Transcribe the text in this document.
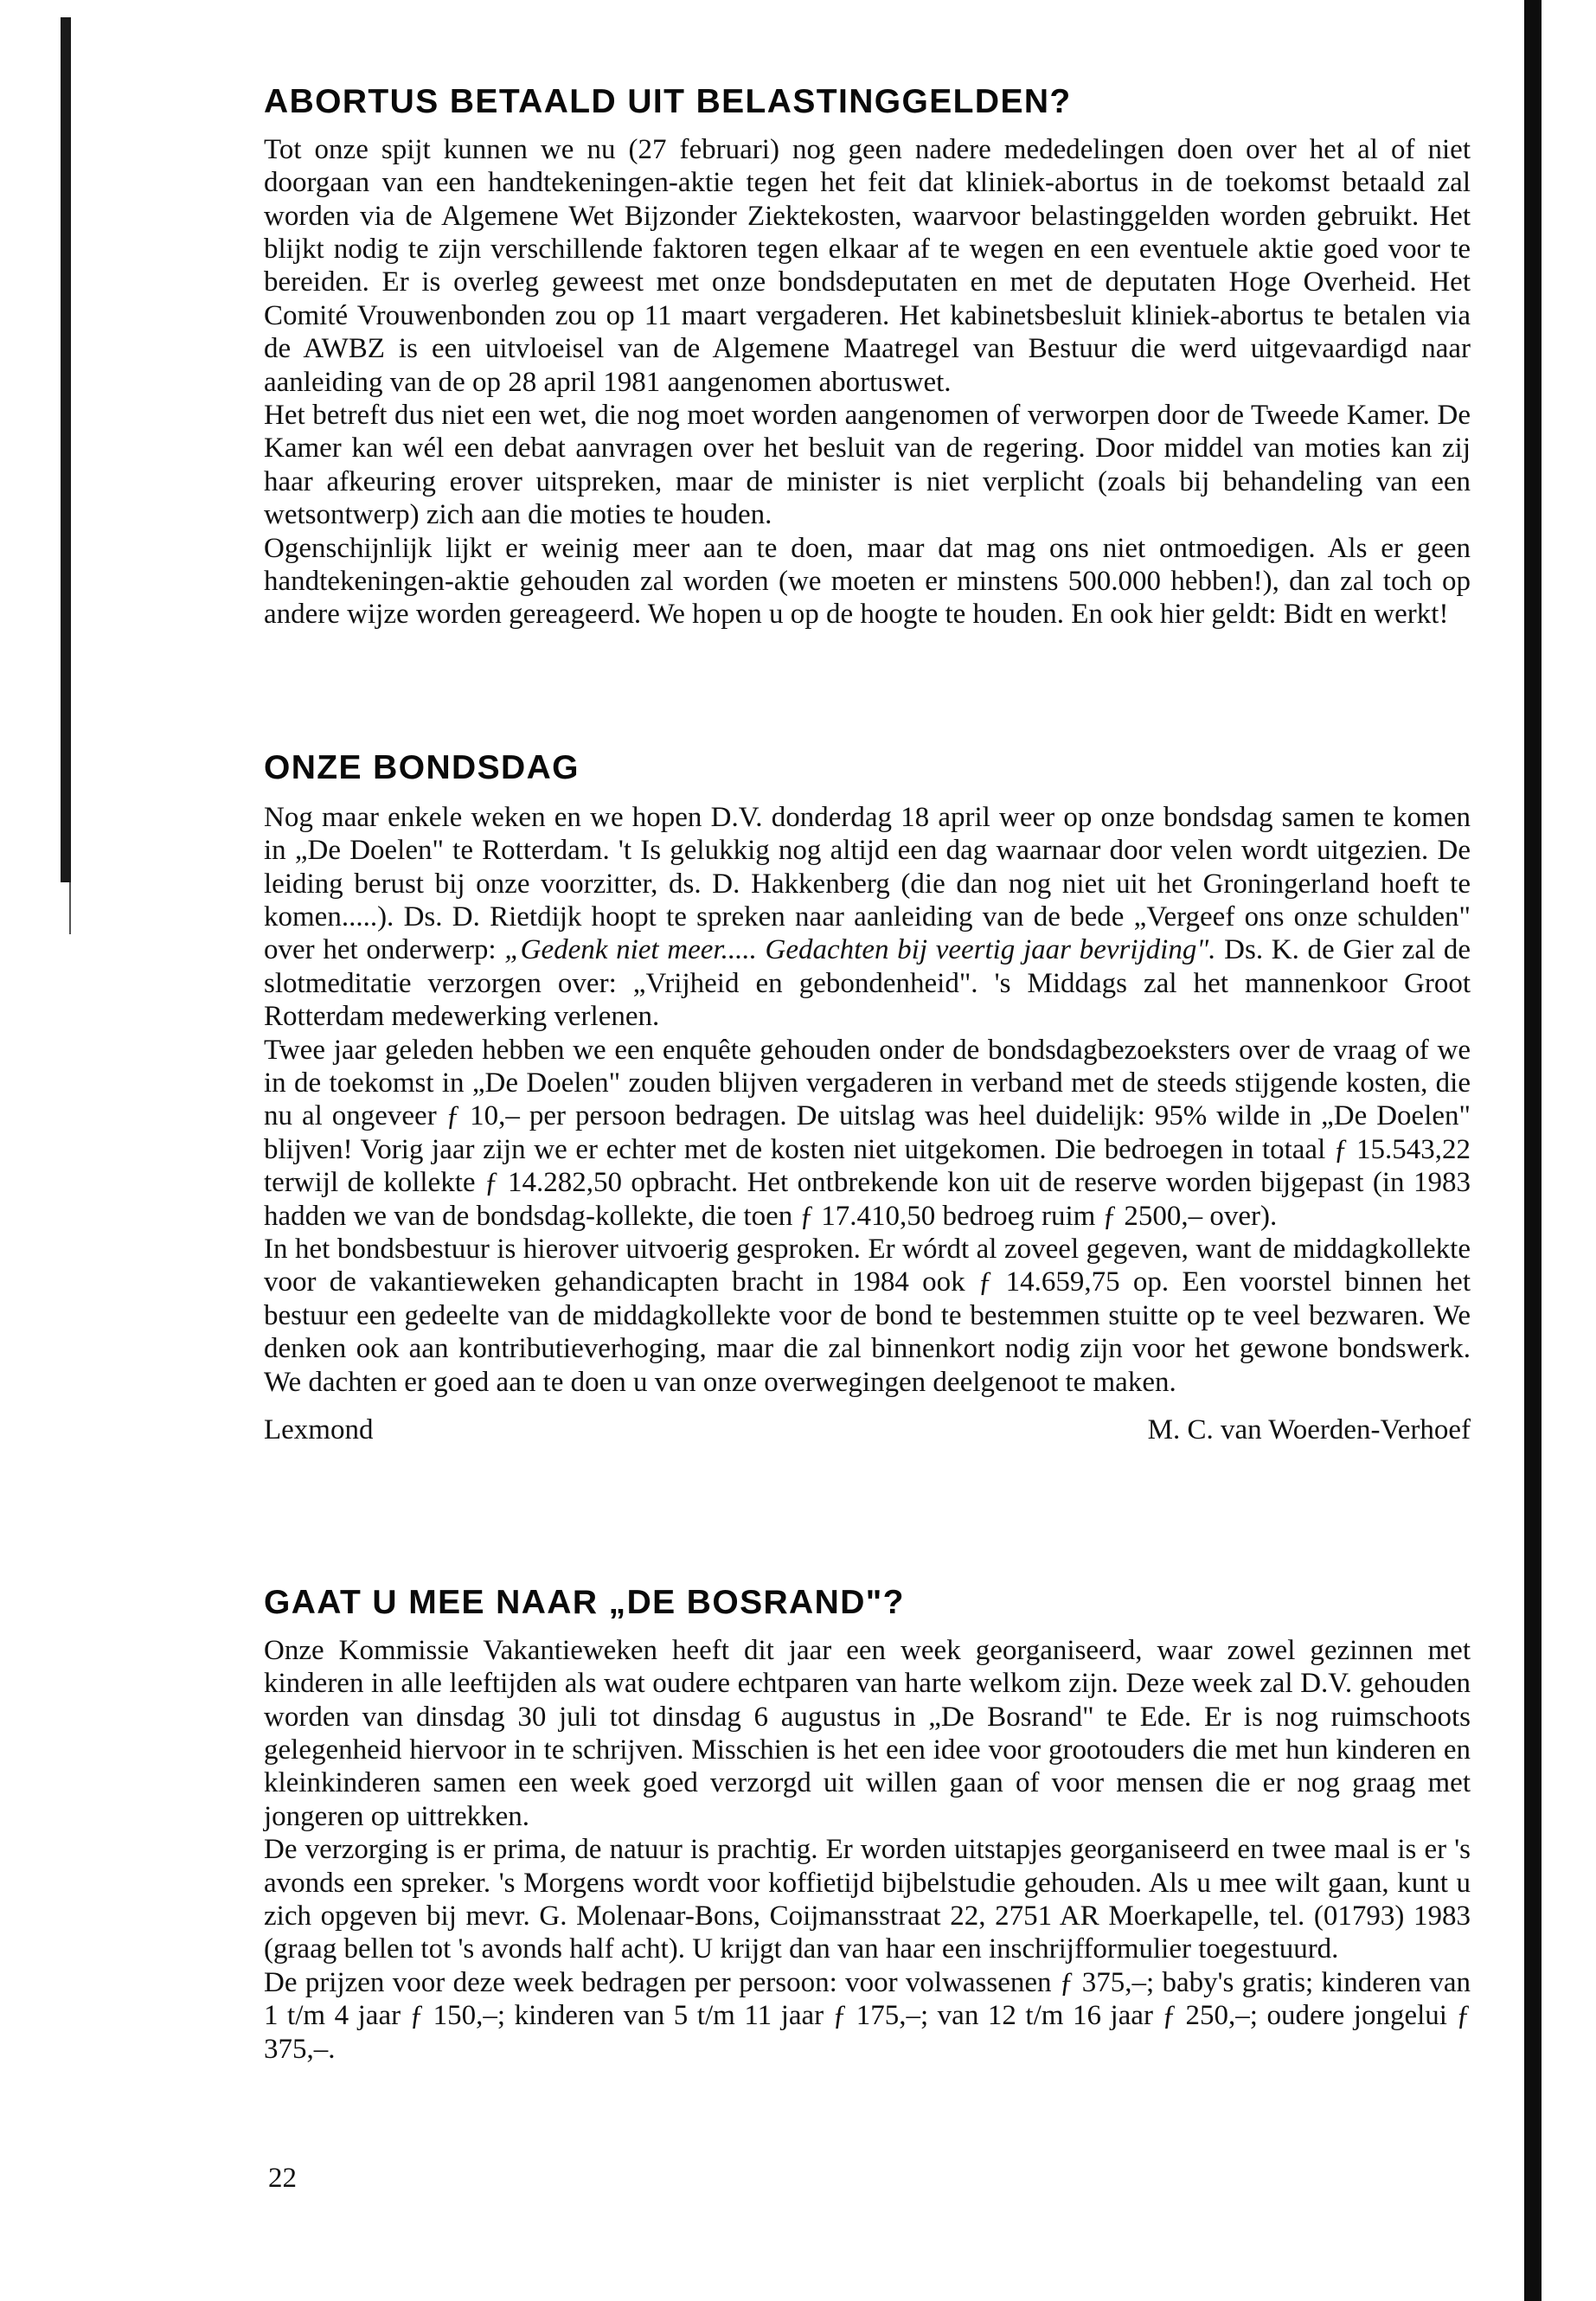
ABORTUS BETAALD UIT BELASTINGGELDEN?

Tot onze spijt kunnen we nu (27 februari) nog geen nadere mededelingen doen over het al of niet doorgaan van een handtekeningen-aktie tegen het feit dat kliniek-abortus in de toekomst betaald zal worden via de Algemene Wet Bijzonder Ziektekosten, waarvoor belastinggelden worden gebruikt. Het blijkt nodig te zijn verschillende faktoren tegen elkaar af te wegen en een eventuele aktie goed voor te bereiden. Er is overleg geweest met onze bondsdeputaten en met de deputaten Hoge Overheid. Het Comité Vrouwenbonden zou op 11 maart vergaderen. Het kabinetsbesluit kliniek-abortus te betalen via de AWBZ is een uitvloeisel van de Algemene Maatregel van Bestuur die werd uitgevaardigd naar aanleiding van de op 28 april 1981 aangenomen abortuswet.

Het betreft dus niet een wet, die nog moet worden aangenomen of verworpen door de Tweede Kamer. De Kamer kan wél een debat aanvragen over het besluit van de regering. Door middel van moties kan zij haar afkeuring erover uitspreken, maar de minister is niet verplicht (zoals bij behandeling van een wetsontwerp) zich aan die moties te houden.

Ogenschijnlijk lijkt er weinig meer aan te doen, maar dat mag ons niet ontmoedigen. Als er geen handtekeningen-aktie gehouden zal worden (we moeten er minstens 500.000 hebben!), dan zal toch op andere wijze worden gereageerd. We hopen u op de hoogte te houden. En ook hier geldt: Bidt en werkt!

ONZE BONDSDAG

Nog maar enkele weken en we hopen D.V. donderdag 18 april weer op onze bondsdag samen te komen in „De Doelen" te Rotterdam. 't Is gelukkig nog altijd een dag waarnaar door velen wordt uitgezien. De leiding berust bij onze voorzitter, ds. D. Hakkenberg (die dan nog niet uit het Groningerland hoeft te komen.....). Ds. D. Rietdijk hoopt te spreken naar aanleiding van de bede „Vergeef ons onze schulden" over het onderwerp: „Gedenk niet meer..... Gedachten bij veertig jaar bevrijding". Ds. K. de Gier zal de slotmeditatie verzorgen over: „Vrijheid en gebondenheid". 's Middags zal het mannenkoor Groot Rotterdam medewerking verlenen.

Twee jaar geleden hebben we een enquête gehouden onder de bondsdagbezoeksters over de vraag of we in de toekomst in „De Doelen" zouden blijven vergaderen in verband met de steeds stijgende kosten, die nu al ongeveer ƒ 10,– per persoon bedragen. De uitslag was heel duidelijk: 95% wilde in „De Doelen" blijven! Vorig jaar zijn we er echter met de kosten niet uitgekomen. Die bedroegen in totaal ƒ 15.543,22 terwijl de kollekte ƒ 14.282,50 opbracht. Het ontbrekende kon uit de reserve worden bijgepast (in 1983 hadden we van de bondsdag-kollekte, die toen ƒ 17.410,50 bedroeg ruim ƒ 2500,– over).

In het bondsbestuur is hierover uitvoerig gesproken. Er wórdt al zoveel gegeven, want de middagkollekte voor de vakantieweken gehandicapten bracht in 1984 ook ƒ 14.659,75 op. Een voorstel binnen het bestuur een gedeelte van de middagkollekte voor de bond te bestemmen stuitte op te veel bezwaren. We denken ook aan kontributieverhoging, maar die zal binnenkort nodig zijn voor het gewone bondswerk. We dachten er goed aan te doen u van onze overwegingen deelgenoot te maken.

Lexmond	M. C. van Woerden-Verhoef
GAAT U MEE NAAR „DE BOSRAND"?

Onze Kommissie Vakantieweken heeft dit jaar een week georganiseerd, waar zowel gezinnen met kinderen in alle leeftijden als wat oudere echtparen van harte welkom zijn. Deze week zal D.V. gehouden worden van dinsdag 30 juli tot dinsdag 6 augustus in „De Bosrand" te Ede. Er is nog ruimschoots gelegenheid hiervoor in te schrijven. Misschien is het een idee voor grootouders die met hun kinderen en kleinkinderen samen een week goed verzorgd uit willen gaan of voor mensen die er nog graag met jongeren op uittrekken.

De verzorging is er prima, de natuur is prachtig. Er worden uitstapjes georganiseerd en twee maal is er 's avonds een spreker. 's Morgens wordt voor koffietijd bijbelstudie gehouden. Als u mee wilt gaan, kunt u zich opgeven bij mevr. G. Molenaar-Bons, Coijmansstraat 22, 2751 AR Moerkapelle, tel. (01793) 1983 (graag bellen tot 's avonds half acht). U krijgt dan van haar een inschrijfformulier toegestuurd.

De prijzen voor deze week bedragen per persoon: voor volwassenen ƒ 375,–; baby's gratis; kinderen van 1 t/m 4 jaar ƒ 150,–; kinderen van 5 t/m 11 jaar ƒ 175,–; van 12 t/m 16 jaar ƒ 250,–; oudere jongelui ƒ 375,–.

22
